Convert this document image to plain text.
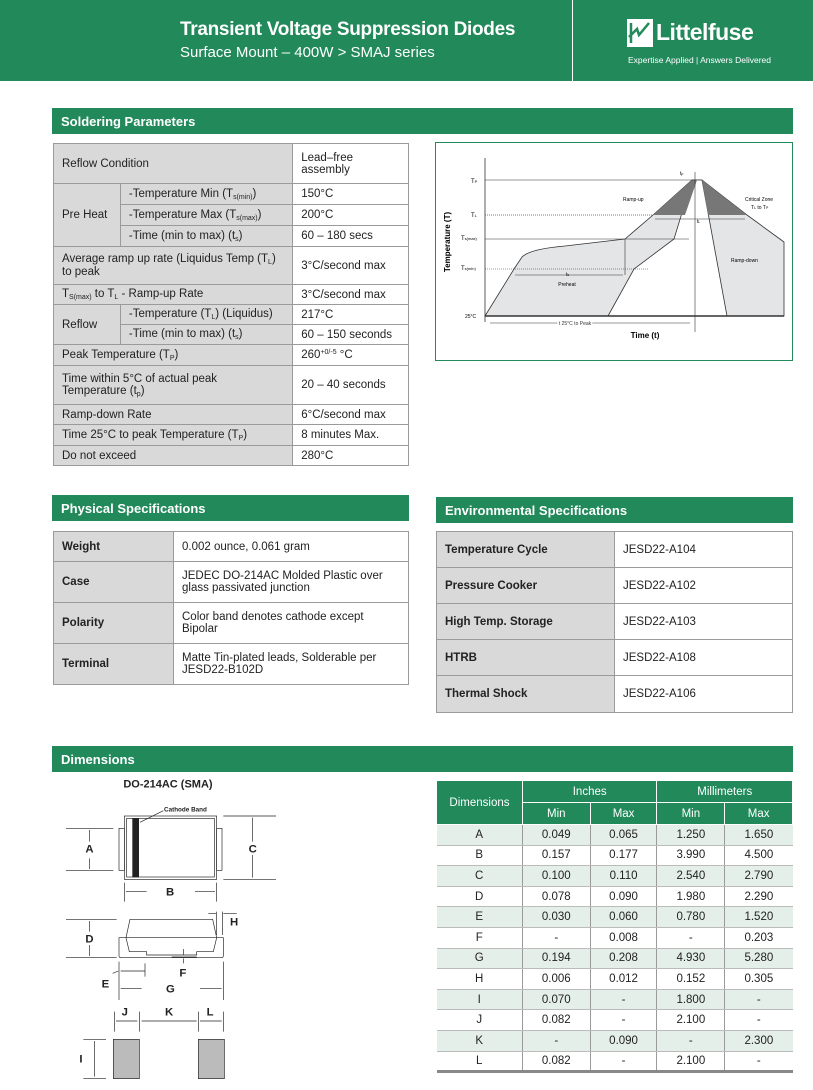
Transient Voltage Suppression Diodes
Surface Mount – 400W > SMAJ series
Littelfuse
Expertise Applied | Answers Delivered
Soldering Parameters
Reflow Condition		Lead–free assembly
Pre Heat	-Temperature Min $(T_{s(min)})$	150°C
	-Temperature Max $(T_{s(max)})$	200°C
	-Time (min to max) $(t_s)$	60 – 180 secs
Average ramp up rate (Liquidus Temp $(T_L)$ to peak		3°C/second max
$T_{S(max)}$ to $T_L$ - Ramp-up Rate		3°C/second max
Reflow	-Temperature $(T_L)$ (Liquidus)	217°C
	-Time (min to max) $(t_s)$	60 – 150 seconds
Peak Temperature $(T_P)$		$260^{+0/-5}$ °C
Time within 5°C of actual peak Temperature $(t_p)$		20 – 40 seconds
Ramp-down Rate		6°C/second max
Time 25°C to peak Temperature $(T_P)$		8 minutes Max.
Do not exceed		280°C
Temperature (T)
Time (t)
TP
TL
Ts(max)
Ts(min)
25°C
Ramp-up
Ramp-down
Critical Zone
TL to TP
tp
tL
ts
Preheat
t 25°C to Peak
Physical Specifications
Weight	0.002 ounce, 0.061 gram
Case	JEDEC DO-214AC Molded Plastic over glass passivated junction
Polarity	Color band denotes cathode except Bipolar
Terminal	Matte Tin-plated leads, Solderable per JESD22-B102D
Environmental Specifications
Temperature Cycle	JESD22-A104
Pressure Cooker	JESD22-A102
High Temp. Storage	JESD22-A103
HTRB	JESD22-A108
Thermal Shock	JESD22-A106
Dimensions
DO-214AC (SMA)
Cathode Band
A
B
C
D
E
F
G
H
I
J K L
Dimensions	Inches		Millimeters	
	Min	Max	Min	Max
A	0.049	0.065	1.250	1.650
B	0.157	0.177	3.990	4.500
C	0.100	0.110	2.540	2.790
D	0.078	0.090	1.980	2.290
E	0.030	0.060	0.780	1.520
F	-	0.008	-	0.203
G	0.194	0.208	4.930	5.280
H	0.006	0.012	0.152	0.305
I	0.070	-	1.800	-
J	0.082	-	2.100	-
K	-	0.090	-	2.300
L	0.082	-	2.100	-
